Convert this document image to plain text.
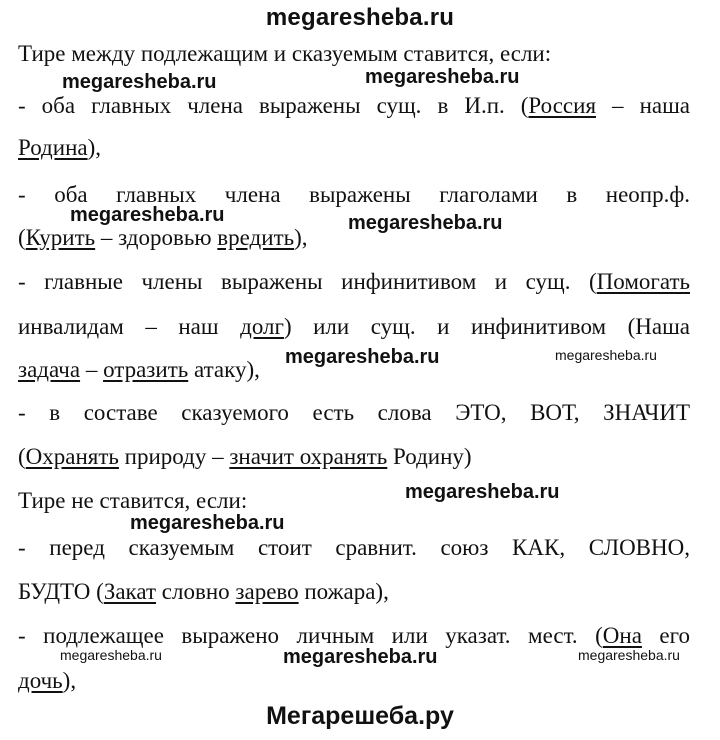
megaresheba.ru
Тире между подлежащим и сказуемым ставится, если:
- оба главных члена выражены сущ. в И.п. (Россия – наша
Родина),
- оба главных члена выражены глаголами в неопр.ф.
(Курить – здоровью вредить),
- главные члены выражены инфинитивом и сущ. (Помогать
инвалидам – наш долг) или сущ. и инфинитивом (Наша
задача – отразить атаку),
- в составе сказуемого есть слова ЭТО, ВОТ, ЗНАЧИТ
(Охранять природу – значит охранять Родину)
Тире не ставится, если:
- перед сказуемым стоит сравнит. союз КАК, СЛОВНО,
БУДТО (Закат словно зарево пожара),
- подлежащее выражено личным или указат. мест. (Она его
дочь),
megaresheba.ru	megaresheba.ru
megaresheba.ru	megaresheba.ru
megaresheba.ru	megaresheba.ru
megaresheba.ru
megaresheba.ru
megaresheba.ru	megaresheba.ru	megaresheba.ru
Мегарешеба.ру
